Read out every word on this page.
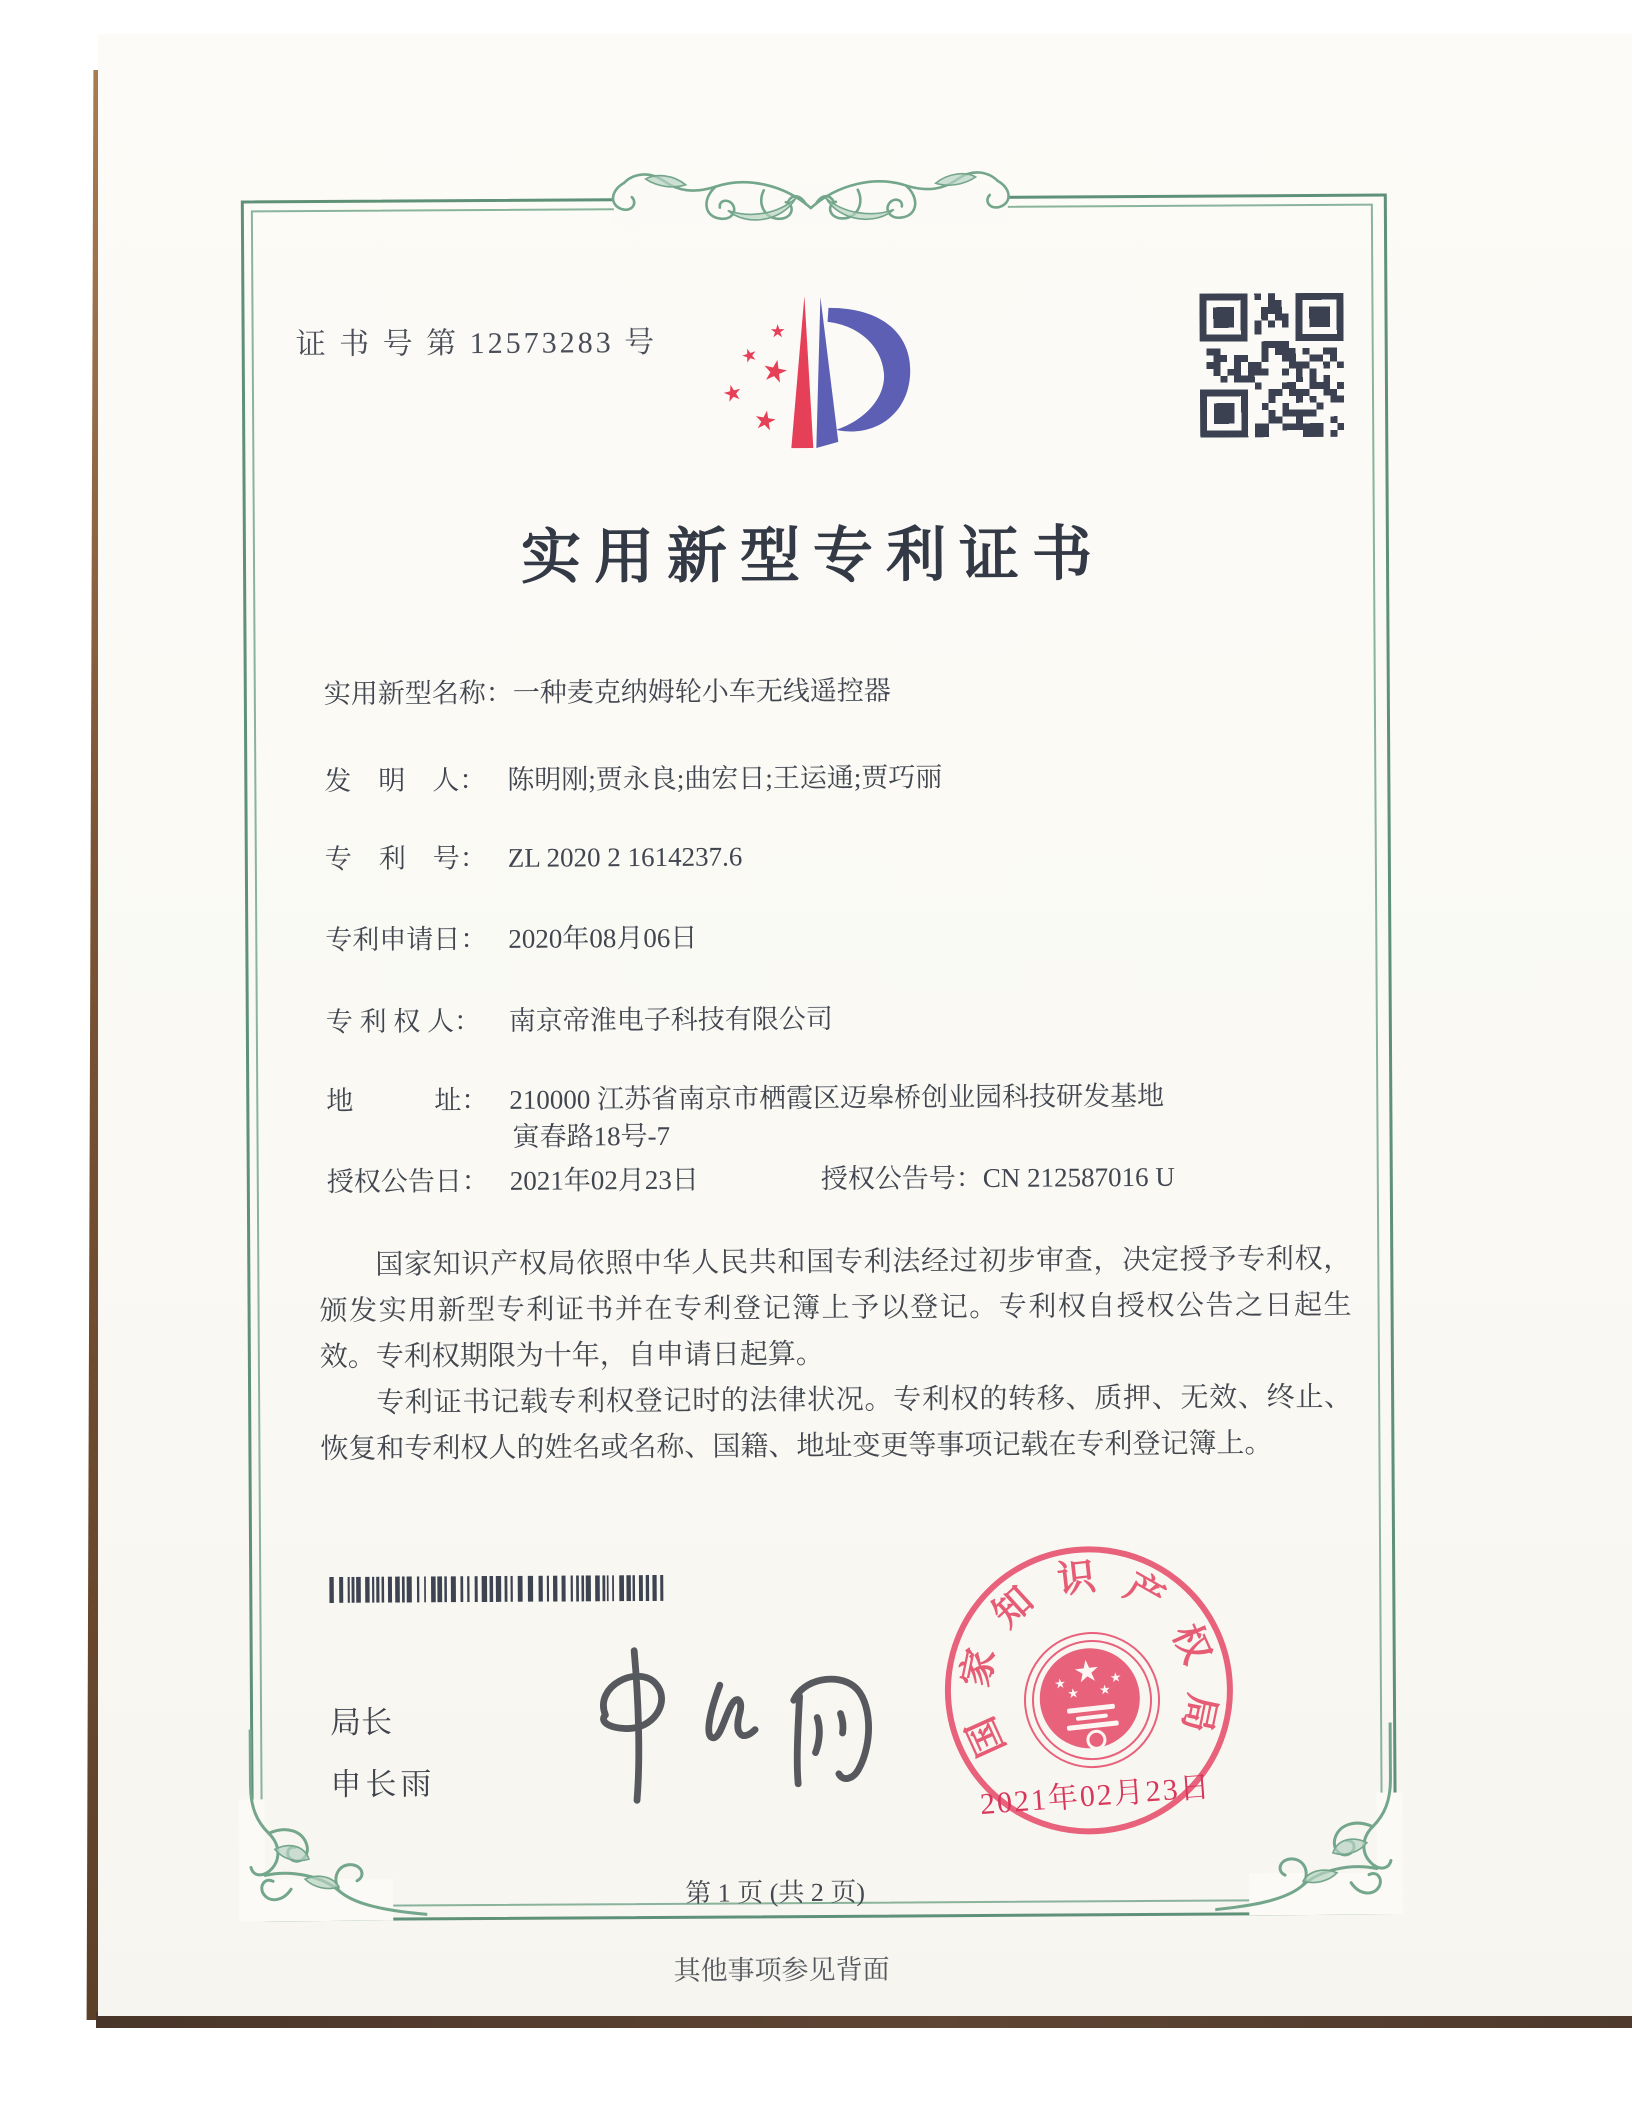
证 书 号 第 12573283 号	★
★
★
★
★
实用新型专利证书
实用新型名称：一种麦克纳姆轮小车无线遥控器
发　明　人： 陈明刚;贾永良;曲宏日;王运通;贾巧丽
专　利　号： ZL 2020 2 1614237.6
专利申请日： 2020年08月06日
专 利 权 人： 南京帝淮电子科技有限公司
地　　　址： 210000 江苏省南京市栖霞区迈皋桥创业园科技研发基地
寅春路18号-7
授权公告日： 2021年02月23日	授权公告号：CN 212587016 U

国家知识产权局依照中华人民共和国专利法经过初步审查，决定授予专利权，颁发实用新型专利证书并在专利登记簿上予以登记。专利权自授权公告之日起生效。专利权期限为十年，自申请日起算。

专利证书记载专利权登记时的法律状况。专利权的转移、质押、无效、终止、恢复和专利权人的姓名或名称、国籍、地址变更等事项记载在专利登记簿上。

局长
申长雨
国
家
知
识 产
权
局
★
★
★ ★
★
2021年02月23日
第 1 页 (共 2 页)
其他事项参见背面
